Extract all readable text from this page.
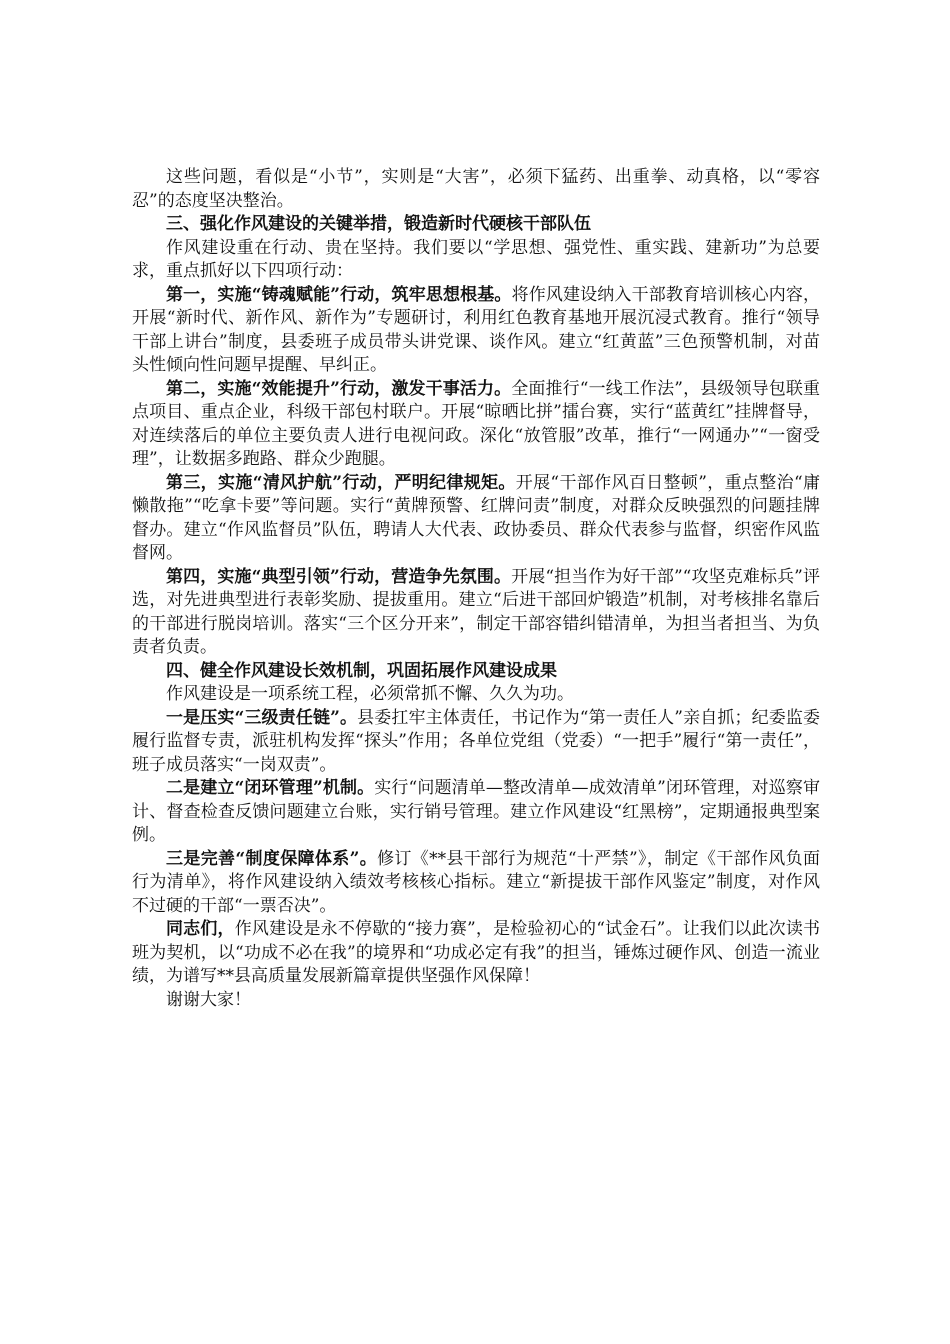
这些问题，看似是“小节”，实则是“大害”，必须下猛药、出重拳、动真格，以“零容忍”的态度坚决整治。

三、强化作风建设的关键举措，锻造新时代硬核干部队伍

作风建设重在行动、贵在坚持。我们要以“学思想、强党性、重实践、建新功”为总要求，重点抓好以下四项行动：

第一，实施“铸魂赋能”行动，筑牢思想根基。将作风建设纳入干部教育培训核心内容，开展“新时代、新作风、新作为”专题研讨，利用红色教育基地开展沉浸式教育。推行“领导干部上讲台”制度，县委班子成员带头讲党课、谈作风。建立“红黄蓝”三色预警机制，对苗头性倾向性问题早提醒、早纠正。

第二，实施“效能提升”行动，激发干事活力。全面推行“一线工作法”，县级领导包联重点项目、重点企业，科级干部包村联户。开展“晾晒比拼”擂台赛，实行“蓝黄红”挂牌督导，对连续落后的单位主要负责人进行电视问政。深化“放管服”改革，推行“一网通办”“一窗受理”，让数据多跑路、群众少跑腿。

第三，实施“清风护航”行动，严明纪律规矩。开展“干部作风百日整顿”，重点整治“庸懒散拖”“吃拿卡要”等问题。实行“黄牌预警、红牌问责”制度，对群众反映强烈的问题挂牌督办。建立“作风监督员”队伍，聘请人大代表、政协委员、群众代表参与监督，织密作风监督网。

第四，实施“典型引领”行动，营造争先氛围。开展“担当作为好干部”“攻坚克难标兵”评选，对先进典型进行表彰奖励、提拔重用。建立“后进干部回炉锻造”机制，对考核排名靠后的干部进行脱岗培训。落实“三个区分开来”，制定干部容错纠错清单，为担当者担当、为负责者负责。

四、健全作风建设长效机制，巩固拓展作风建设成果

作风建设是一项系统工程，必须常抓不懈、久久为功。

一是压实“三级责任链”。县委扛牢主体责任，书记作为“第一责任人”亲自抓；纪委监委履行监督专责，派驻机构发挥“探头”作用；各单位党组（党委）“一把手”履行“第一责任”，班子成员落实“一岗双责”。

二是建立“闭环管理”机制。实行“问题清单—整改清单—成效清单”闭环管理，对巡察审计、督查检查反馈问题建立台账，实行销号管理。建立作风建设“红黑榜”，定期通报典型案例。

三是完善“制度保障体系”。修订《**县干部行为规范“十严禁”》，制定《干部作风负面行为清单》，将作风建设纳入绩效考核核心指标。建立“新提拔干部作风鉴定”制度，对作风不过硬的干部“一票否决”。

同志们，作风建设是永不停歇的“接力赛”，是检验初心的“试金石”。让我们以此次读书班为契机，以“功成不必在我”的境界和“功成必定有我”的担当，锤炼过硬作风、创造一流业绩，为谱写**县高质量发展新篇章提供坚强作风保障！

谢谢大家！
